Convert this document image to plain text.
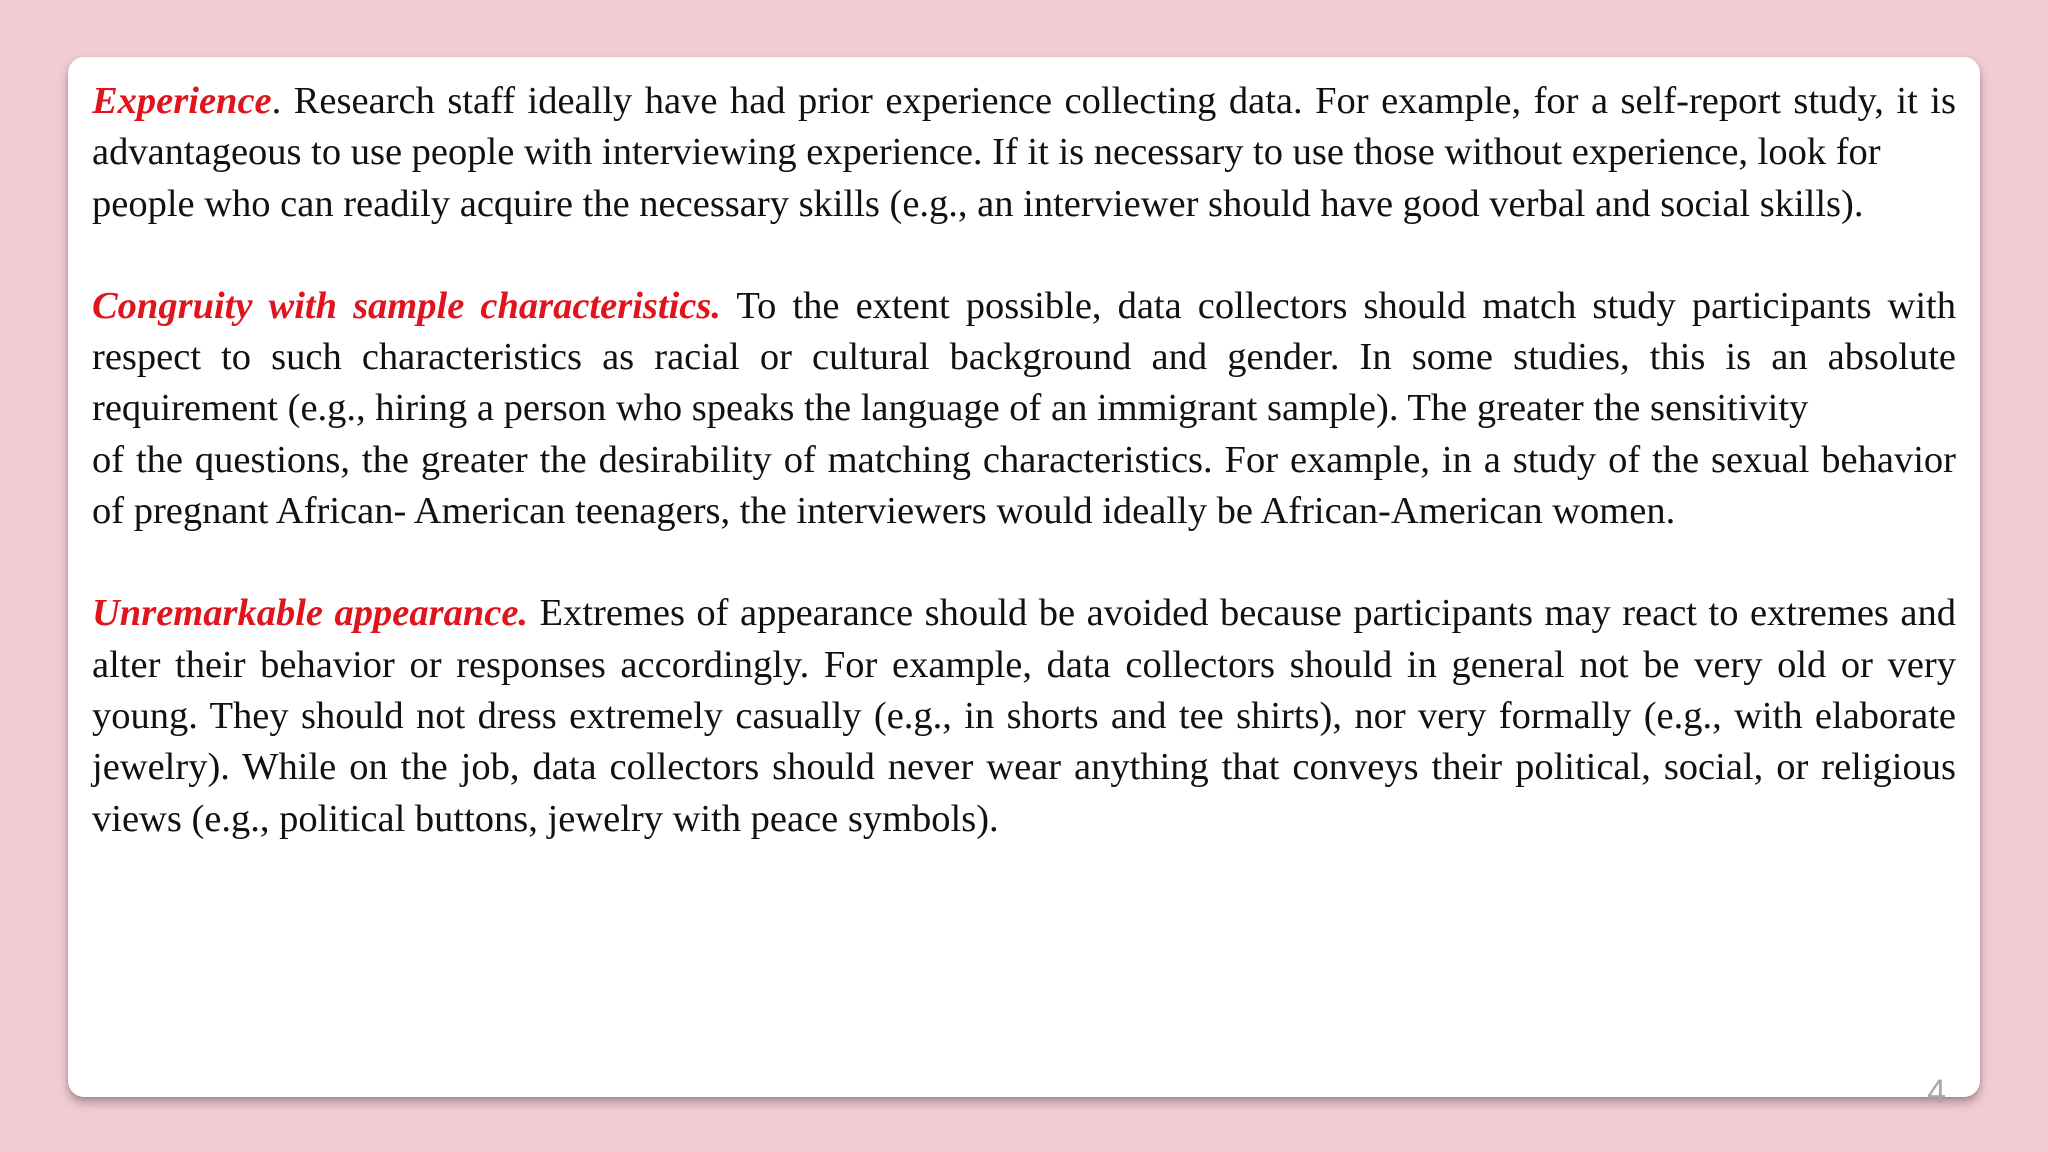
Experience. Research staff ideally have had prior experience collecting data. For example, for a self-report study, it is advantageous to use people with interviewing experience. If it is necessary to use those without experience, look for

people who can readily acquire the necessary skills (e.g., an interviewer should have good verbal and social skills).

Congruity with sample characteristics. To the extent possible, data collectors should match study participants with respect to such characteristics as racial or cultural background and gender. In some studies, this is an absolute requirement (e.g., hiring a person who speaks the language of an immigrant sample). The greater the sensitivity

of the questions, the greater the desirability of matching characteristics. For example, in a study of the sexual behavior of pregnant African- American teenagers, the interviewers would ideally be African-American women.

Unremarkable appearance. Extremes of appearance should be avoided because participants may react to extremes and alter their behavior or responses accordingly. For example, data collectors should in general not be very old or very young. They should not dress extremely casually (e.g., in shorts and tee shirts), nor very formally (e.g., with elaborate jewelry). While on the job, data collectors should never wear anything that conveys their political, social, or religious views (e.g., political buttons, jewelry with peace symbols).

4
